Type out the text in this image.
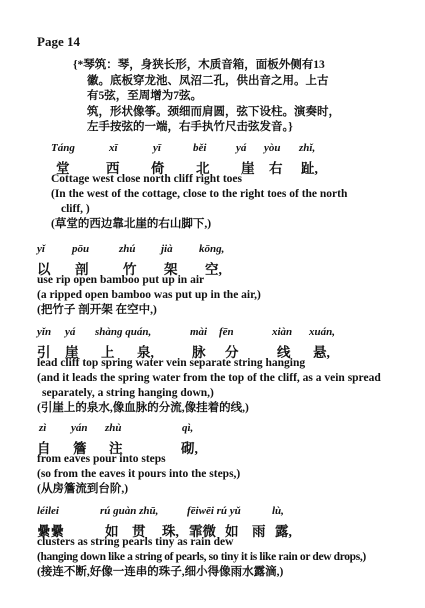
Page 14
{*琴筑：琴，身狭长形，木质音箱，面板外侧有13
徽。底板穿龙池、凤沼二孔，供出音之用。上古
有5弦，至周增为7弦。
筑，形状像筝。颈细而肩圆，弦下设柱。演奏时，
左手按弦的一端，右手执竹尺击弦发音。}
Táng	xī	yī	běi	yá yòu zhǐ,
堂	西 倚 北 崖 右 趾,
Cottage west close north cliff right toes
(In the west of the cottage, close to the right toes of the north
cliff, )
(草堂的西边靠北崖的右山脚下,)
yǐ pōu	zhú jià kōng,
以 剖	竹 架 空,
use rip open bamboo put up in air
(a ripped open bamboo was put up in the air,)
(把竹子 剖开架 在空中,)
yǐn yá shàng quán,	mài fēn	xiàn xuán,
引 崖 上 泉,	脉 分	线 悬,
lead cliff top spring water vein separate string hanging
(and it leads the spring water from the top of the cliff, as a vein spread
separately, a string hanging down,)
(引崖上的泉水,像血脉的分流,像挂着的线,)
zì yán zhù	qì,
自 簷 注	砌,
from eaves pour into steps
(so from the eaves it pours into the steps,)
(从房簷流到台阶,)
léilei	rú guàn zhū,	fēiwēi rú yǔ	lù,
纍纍	如 贯 珠, 霏微 如 雨 露,
clusters as string pearls tiny as rain dew
(hanging down like a string of pearls, so tiny it is like rain or dew drops,)
(接连不断,好像一连串的珠子,细小得像雨水露滴,)
